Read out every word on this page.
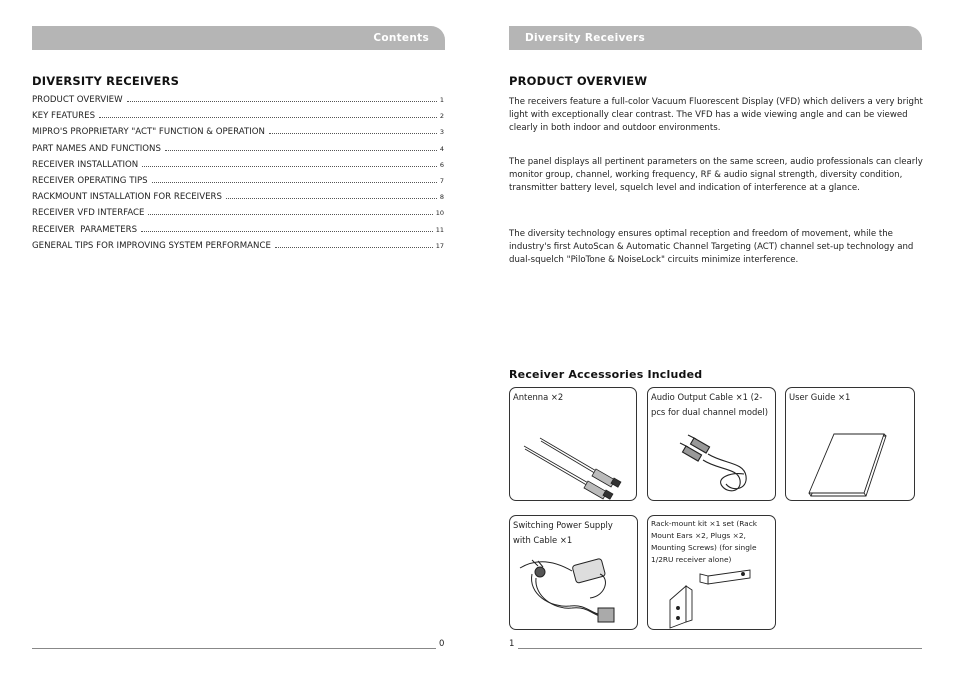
Contents
DIVERSITY RECEIVERS
PRODUCT OVERVIEW	1
KEY FEATURES	2
MIPRO'S PROPRIETARY "ACT" FUNCTION & OPERATION	3
PART NAMES AND FUNCTIONS	4
RECEIVER INSTALLATION	6
RECEIVER OPERATING TIPS	7
RACKMOUNT INSTALLATION FOR RECEIVERS	8
RECEIVER VFD INTERFACE	10
RECEIVER  PARAMETERS	11
GENERAL TIPS FOR IMPROVING SYSTEM PERFORMANCE	17
0
Diversity Receivers
PRODUCT OVERVIEW
The receivers feature a full-color Vacuum Fluorescent Display (VFD) which delivers a very bright light with exceptionally clear contrast. The VFD has a wide viewing angle and can be viewed clearly in both indoor and outdoor environments.
The panel displays all pertinent parameters on the same screen, audio professionals can clearly monitor group, channel, working frequency, RF & audio signal strength, diversity condition, transmitter battery level, squelch level and indication of interference at a glance.
The diversity technology ensures optimal reception and freedom of movement, while the industry's first AutoScan & Automatic Channel Targeting (ACT) channel set-up technology and dual-squelch "PiloTone & NoiseLock" circuits minimize interference.
Receiver Accessories Included
Antenna ×2	Audio Output Cable ×1 (2-pcs for dual channel model)
User Guide ×1
Switching Power Supply with Cable ×1
Rack-mount kit ×1 set (Rack Mount Ears ×2, Plugs ×2, Mounting Screws) (for single 1/2RU receiver alone)
1
